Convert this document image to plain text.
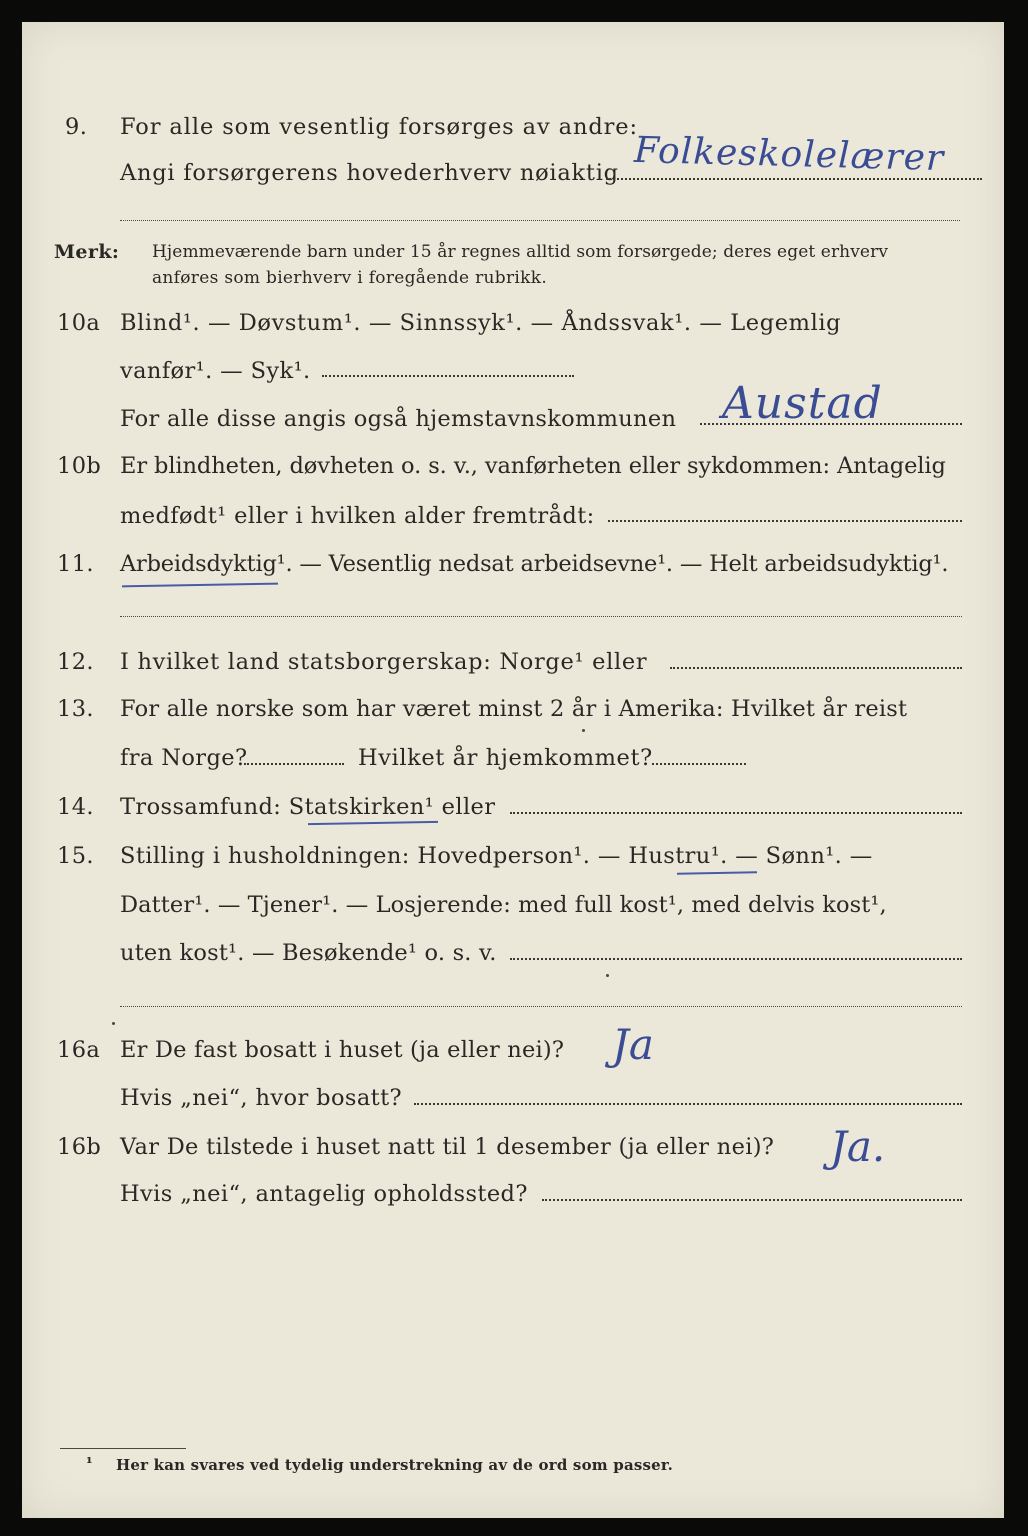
9. For alle som vesentlig forsørges av andre:
Angi forsørgerens hovederhverv nøiaktig Folkeskolelærer
Merk: Hjemmeværende barn under 15 år regnes alltid som forsørgede; deres eget erhverv
anføres som bierhverv i foregående rubrikk.
10a Blind¹. — Døvstum¹. — Sinnssyk¹. — Åndssvak¹. — Legemlig
vanfør¹. — Syk¹.
For alle disse angis også hjemstavnskommunen Austad
10b Er blindheten, døvheten o. s. v., vanførheten eller sykdommen: Antagelig
medfødt¹ eller i hvilken alder fremtrådt:
11. Arbeidsdyktig¹. — Vesentlig nedsat arbeidsevne¹. — Helt arbeidsudyktig¹.
12. I hvilket land statsborgerskap: Norge¹ eller
13. For alle norske som har været minst 2 år i Amerika: Hvilket år reist
fra Norge?	Hvilket år hjemkommet?
14. Trossamfund: Statskirken¹ eller
15. Stilling i husholdningen: Hovedperson¹. — Hustru¹. — Sønn¹. —
Datter¹. — Tjener¹. — Losjerende: med full kost¹, med delvis kost¹,
uten kost¹. — Besøkende¹ o. s. v.
16a Er De fast bosatt i huset (ja eller nei)? Ja
Hvis „nei“, hvor bosatt?
16b Var De tilstede i huset natt til 1 desember (ja eller nei)? Ja.
Hvis „nei“, antagelig opholdssted?
¹ Her kan svares ved tydelig understrekning av de ord som passer.
